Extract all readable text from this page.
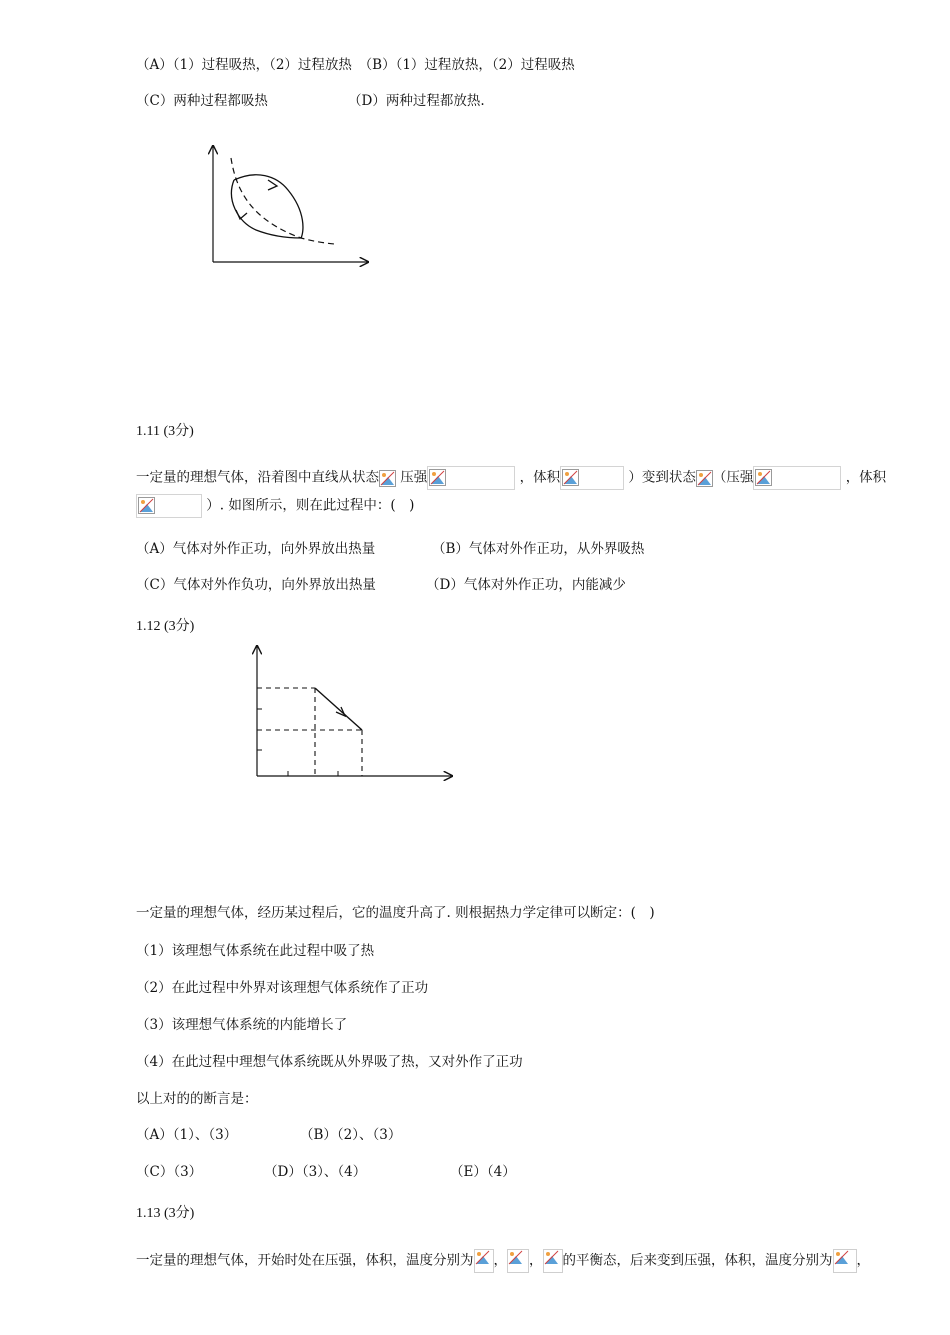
（A）（1）过程吸热，（2）过程放热　（B）（1）过程放热，（2）过程吸热
（C）两种过程都吸热	（D）两种过程都放热.
1.11 (3分)
一定量的理想气体，沿着图中直线从状态 压强	，体积	）变到状态 （压强	，体积
）. 如图所示，则在此过程中：(　)
（A）气体对外作正功，向外界放出热量	（B）气体对外作正功，从外界吸热
（C）气体对外作负功，向外界放出热量	（D）气体对外作正功，内能减少
1.12 (3分)
一定量的理想气体，经历某过程后，它的温度升高了. 则根据热力学定律可以断定：(　)
（1）该理想气体系统在此过程中吸了热
（2）在此过程中外界对该理想气体系统作了正功
（3）该理想气体系统的内能增长了
（4）在此过程中理想气体系统既从外界吸了热，又对外作了正功
以上对的的断言是：
（A）（1）、（3）	（B）（2）、（3）
（C）（3）	（D）（3）、（4）	（E）（4）
1.13 (3分)
一定量的理想气体，开始时处在压强，体积，温度分别为 ， ， 的平衡态，后来变到压强，体积，温度分别为 ，
